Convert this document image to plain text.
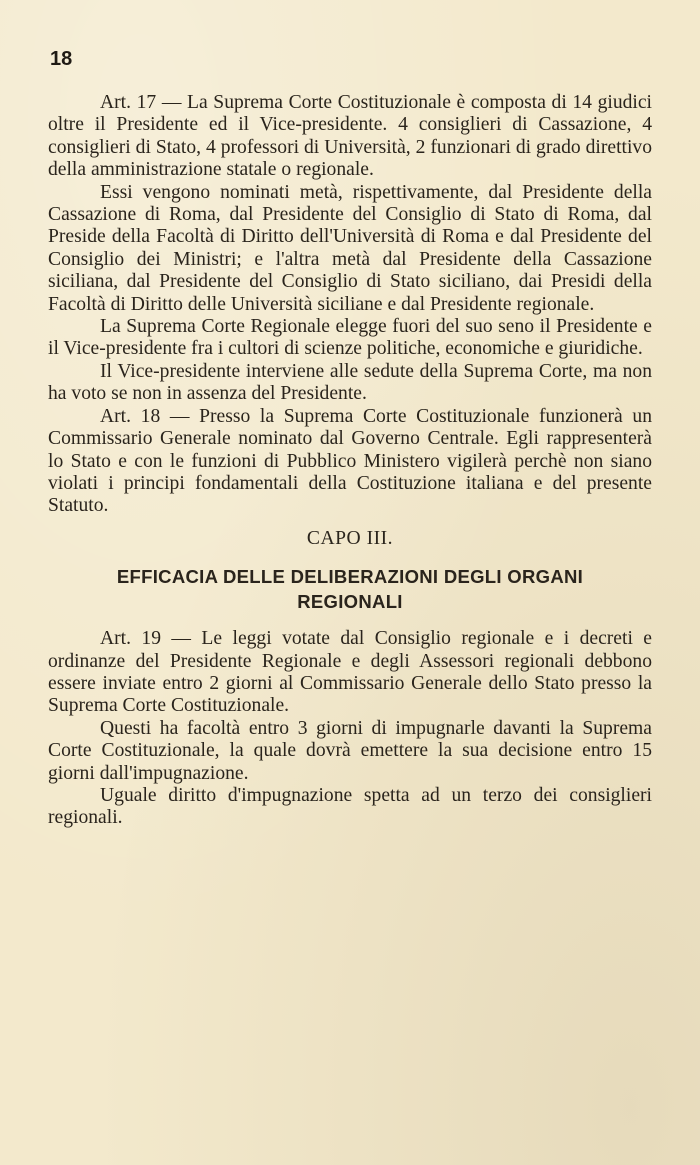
18

Art. 17 — La Suprema Corte Costituzionale è composta di 14 giudici oltre il Presidente ed il Vice-presidente. 4 consiglieri di Cassazione, 4 consiglieri di Stato, 4 professori di Università, 2 funzionari di grado direttivo della amministrazione statale o regionale.

Essi vengono nominati metà, rispettivamente, dal Presidente della Cassazione di Roma, dal Presidente del Consiglio di Stato di Roma, dal Preside della Facoltà di Diritto dell'Università di Roma e dal Presidente del Consiglio dei Ministri; e l'altra metà dal Presidente della Cassazione siciliana, dal Presidente del Consiglio di Stato siciliano, dai Presidi della Facoltà di Diritto delle Università siciliane e dal Presidente regionale.

La Suprema Corte Regionale elegge fuori del suo seno il Presidente e il Vice-presidente fra i cultori di scienze politiche, economiche e giuridiche.

Il Vice-presidente interviene alle sedute della Suprema Corte, ma non ha voto se non in assenza del Presidente.

Art. 18 — Presso la Suprema Corte Costituzionale funzionerà un Commissario Generale nominato dal Governo Centrale. Egli rappresenterà lo Stato e con le funzioni di Pubblico Ministero vigilerà perchè non siano violati i principi fondamentali della Costituzione italiana e del presente Statuto.

CAPO III.

EFFICACIA DELLE DELIBERAZIONI DEGLI ORGANI
REGIONALI

Art. 19 — Le leggi votate dal Consiglio regionale e i decreti e ordinanze del Presidente Regionale e degli Assessori regionali debbono essere inviate entro 2 giorni al Commissario Generale dello Stato presso la Suprema Corte Costituzionale.

Questi ha facoltà entro 3 giorni di impugnarle davanti la Suprema Corte Costituzionale, la quale dovrà emettere la sua decisione entro 15 giorni dall'impugnazione.

Uguale diritto d'impugnazione spetta ad un terzo dei consiglieri regionali.
